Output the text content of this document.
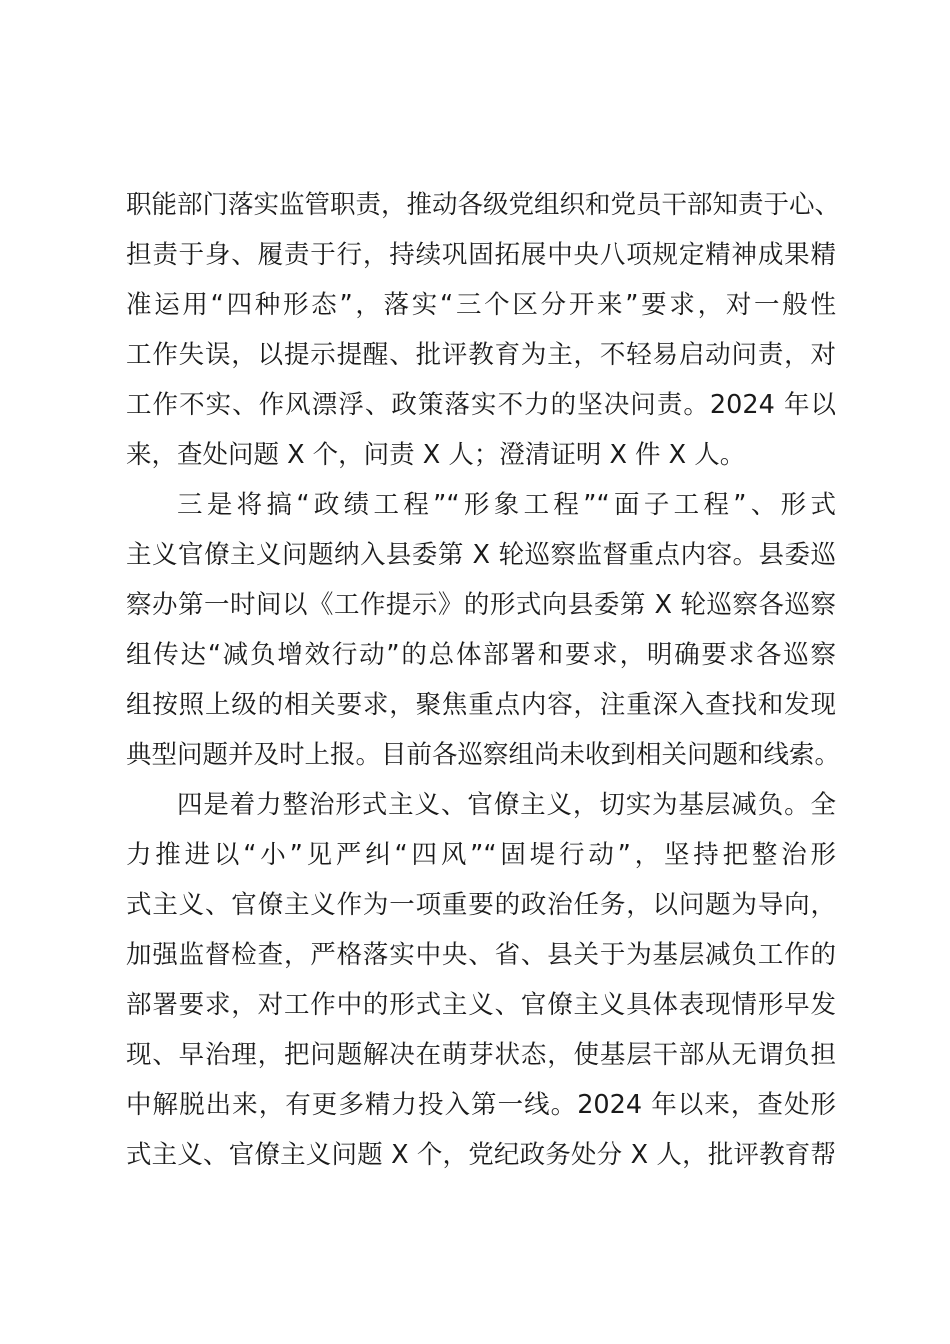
职能部门落实监管职责，推动各级党组织和党员干部知责于心、
担责于身、履责于行，持续巩固拓展中央八项规定精神成果精
准运用“四种形态”，落实“三个区分开来”要求，对一般性
工作失误，以提示提醒、批评教育为主，不轻易启动问责，对
工作不实、作风漂浮、政策落实不力的坚决问责。2024 年以
来，查处问题 X 个，问责 X 人；澄清证明 X 件 X 人。
三是将搞“政绩工程”“形象工程”“面子工程”、形式
主义官僚主义问题纳入县委第 X 轮巡察监督重点内容。县委巡
察办第一时间以《工作提示》的形式向县委第 X 轮巡察各巡察
组传达“减负增效行动”的总体部署和要求，明确要求各巡察
组按照上级的相关要求，聚焦重点内容，注重深入查找和发现
典型问题并及时上报。目前各巡察组尚未收到相关问题和线索。
四是着力整治形式主义、官僚主义，切实为基层减负。全
力推进以“小”见严纠“四风”“固堤行动”，坚持把整治形
式主义、官僚主义作为一项重要的政治任务，以问题为导向，
加强监督检查，严格落实中央、省、县关于为基层减负工作的
部署要求，对工作中的形式主义、官僚主义具体表现情形早发
现、早治理，把问题解决在萌芽状态，使基层干部从无谓负担
中解脱出来，有更多精力投入第一线。2024 年以来，查处形
式主义、官僚主义问题 X 个，党纪政务处分 X 人，批评教育帮
